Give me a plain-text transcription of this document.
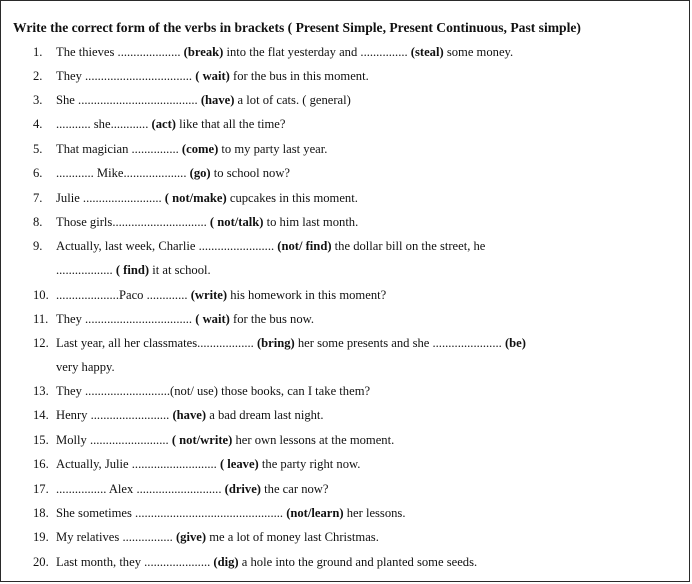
Write the correct form of the verbs in brackets ( Present Simple, Present Continuous, Past simple)
1. The thieves .................... (break) into the flat yesterday and ............... (steal) some money.
2. They .................................. ( wait) for the bus in this moment.
3. She ...................................... (have) a lot of cats. ( general)
4. ........... she............ (act) like that all the time?
5. That magician ............... (come) to my party last year.
6. ............ Mike.................... (go) to school now?
7. Julie ......................... ( not/make) cupcakes in this moment.
8. Those girls.............................. ( not/talk) to him last month.
9. Actually, last week, Charlie ........................ (not/ find) the dollar bill on the street, he
.................. ( find) it at school.
10. ....................Paco ............. (write) his homework in this moment?
11. They .................................. ( wait) for the bus now.
12. Last year, all her classmates.................. (bring) her some presents and she ...................... (be)
very happy.
13. They ...........................(not/ use) those books, can I take them?
14. Henry ......................... (have) a bad dream last night.
15. Molly ......................... ( not/write) her own lessons at the moment.
16. Actually, Julie ........................... ( leave) the party right now.
17. ................ Alex ........................... (drive) the car now?
18. She sometimes ............................................... (not/learn) her lessons.
19. My relatives ................ (give) me a lot of money last Christmas.
20. Last month, they ..................... (dig) a hole into the ground and planted some seeds.
